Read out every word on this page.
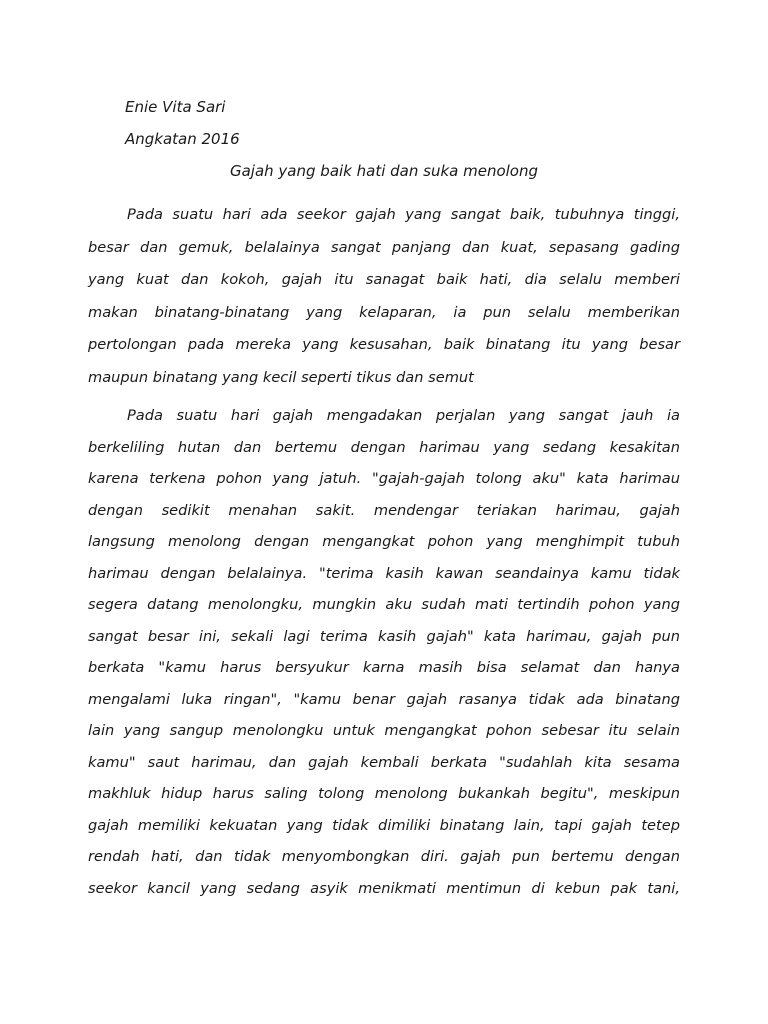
Enie Vita Sari
Angkatan 2016
Gajah yang baik hati dan suka menolong
Pada suatu hari ada seekor gajah yang sangat baik, tubuhnya tinggi,
besar dan gemuk, belalainya sangat panjang dan kuat, sepasang gading
yang kuat dan kokoh, gajah itu sanagat baik hati, dia selalu memberi
makan binatang-binatang yang kelaparan, ia pun selalu memberikan
pertolongan pada mereka yang kesusahan, baik binatang itu yang besar
maupun binatang yang kecil seperti tikus dan semut
Pada suatu hari gajah mengadakan perjalan yang sangat jauh ia
berkeliling hutan dan bertemu dengan harimau yang sedang kesakitan
karena terkena pohon yang jatuh. "gajah-gajah tolong aku" kata harimau
dengan sedikit menahan sakit. mendengar teriakan harimau, gajah
langsung menolong dengan mengangkat pohon yang menghimpit tubuh
harimau dengan belalainya. "terima kasih kawan seandainya kamu tidak
segera datang menolongku, mungkin aku sudah mati tertindih pohon yang
sangat besar ini, sekali lagi terima kasih gajah" kata harimau, gajah pun
berkata "kamu harus bersyukur karna masih bisa selamat dan hanya
mengalami luka ringan", "kamu benar gajah rasanya tidak ada binatang
lain yang sangup menolongku untuk mengangkat pohon sebesar itu selain
kamu" saut harimau, dan gajah kembali berkata "sudahlah kita sesama
makhluk hidup harus saling tolong menolong bukankah begitu", meskipun
gajah memiliki kekuatan yang tidak dimiliki binatang lain, tapi gajah tetep
rendah hati, dan tidak menyombongkan diri. gajah pun bertemu dengan
seekor kancil yang sedang asyik menikmati mentimun di kebun pak tani,
